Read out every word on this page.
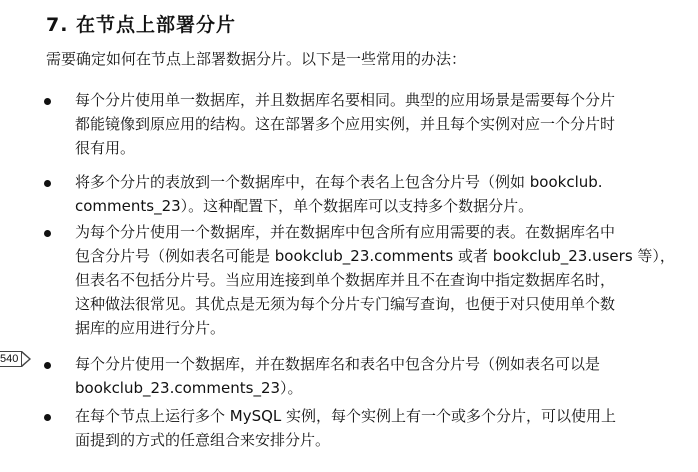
7. 在节点上部署分片
需要确定如何在节点上部署数据分片。以下是一些常用的办法：
每个分片使用单一数据库，并且数据库名要相同。典型的应用场景是需要每个分片
都能镜像到原应用的结构。这在部署多个应用实例，并且每个实例对应一个分片时
很有用。
将多个分片的表放到一个数据库中，在每个表名上包含分片号（例如 bookclub.
comments_23）。这种配置下，单个数据库可以支持多个数据分片。
为每个分片使用一个数据库，并在数据库中包含所有应用需要的表。在数据库名中
包含分片号（例如表名可能是 bookclub_23.comments 或者 bookclub_23.users 等），
但表名不包括分片号。当应用连接到单个数据库并且不在查询中指定数据库名时，
这种做法很常见。其优点是无须为每个分片专门编写查询，也便于对只使用单个数
据库的应用进行分片。
每个分片使用一个数据库，并在数据库名和表名中包含分片号（例如表名可以是
bookclub_23.comments_23）。
在每个节点上运行多个 MySQL 实例，每个实例上有一个或多个分片，可以使用上
面提到的方式的任意组合来安排分片。
540
